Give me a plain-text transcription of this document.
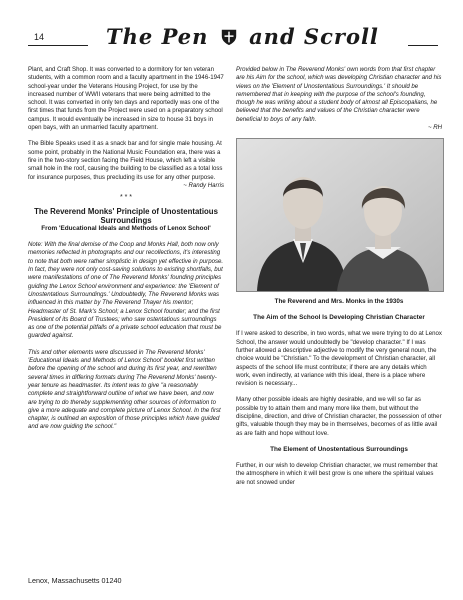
14	The Pen and Scroll

Plant, and Craft Shop. It was converted to a dormitory for ten veteran students, with a common room and a faculty apartment in the 1946-1947 school-year under the Veterans Housing Project, for use by the increased number of WWII veterans that were being admitted to the school. It was converted in only ten days and reportedly was one of the first times that funds from the Project were used on a preparatory school campus. It would eventually be increased in size to house 31 boys in open bays, with an unmarried faculty apartment.

The Bible Speaks used it as a snack bar and for single male housing. At some point, probably in the National Music Foundation era, there was a fire in the two-story section facing the Field House, which left a visible small hole in the roof, causing the building to be classified as a total loss for insurance purposes, thus precluding its use for any other purpose.

~ Randy Harris

* * *
The Reverend Monks' Principle of Unostentatious Surroundings
From 'Educational Ideals and Methods of Lenox School'

Note: With the final demise of the Coop and Monks Hall, both now only memories reflected in photographs and our recollections, it's interesting to note that both were rather simplistic in design yet effective in purpose. In fact, they were not only cost-saving solutions to existing shortfalls, but were manifestations of one of The Reverend Monks' founding principles guiding the Lenox School environment and experience: the 'Element of Unostentatious Surroundings.' Undoubtedly, The Reverend Monks was influenced in this matter by The Reverend Thayer his mentor; Headmaster of St. Mark's School; a Lenox School founder; and the first President of its Board of Trustees; who saw ostentatious surroundings as one of the potential pitfalls of a private school education that must be guarded against.

This and other elements were discussed in The Reverend Monks' 'Educational Ideals and Methods of Lenox School' booklet first written before the opening of the school and during its first year, and rewritten several times in differing formats during The Reverend Monks' twenty-year tenure as headmaster. Its intent was to give "a reasonably complete and straightforward outline of what we have been, and now are trying to do thereby supplementing other sources of information to give a more adequate and complete picture of Lenox School. In the first chapter, is outlined an exposition of those principles which have guided and are now guiding the school."

Provided below in The Reverend Monks' own words from that first chapter are his Aim for the school, which was developing Christian character and his views on the 'Element of Unostentatious Surroundings.' It should be remembered that in keeping with the purpose of the school's founding, though he was writing about a student body of almost all Episcopalians, he believed that the benefits and values of the Christian character were beneficial to boys of any faith.

~ RH

The Reverend and Mrs. Monks in the 1930s
The Aim of the School Is Developing Christian Character

If I were asked to describe, in two words, what we were trying to do at Lenox School, the answer would undoubtedly be "develop character." If I was further allowed a descriptive adjective to modify the very general noun, the choice would be "Christian." To the development of Christian character, all aspects of the school life must contribute; if there are any details which work, even indirectly, at variance with this ideal, there is a place where revision is necessary...

Many other possible ideals are highly desirable, and we will so far as possible try to attain them and many more like them, but without the discipline, direction, and drive of Christian character, the possession of other gifts, valuable though they may be in themselves, becomes of as little avail as are faith and hope without love.

The Element of Unostentatious Surroundings

Further, in our wish to develop Christian character, we must remember that the atmosphere in which it will best grow is one where the spiritual values are not snowed under

Lenox, Massachusetts 01240
